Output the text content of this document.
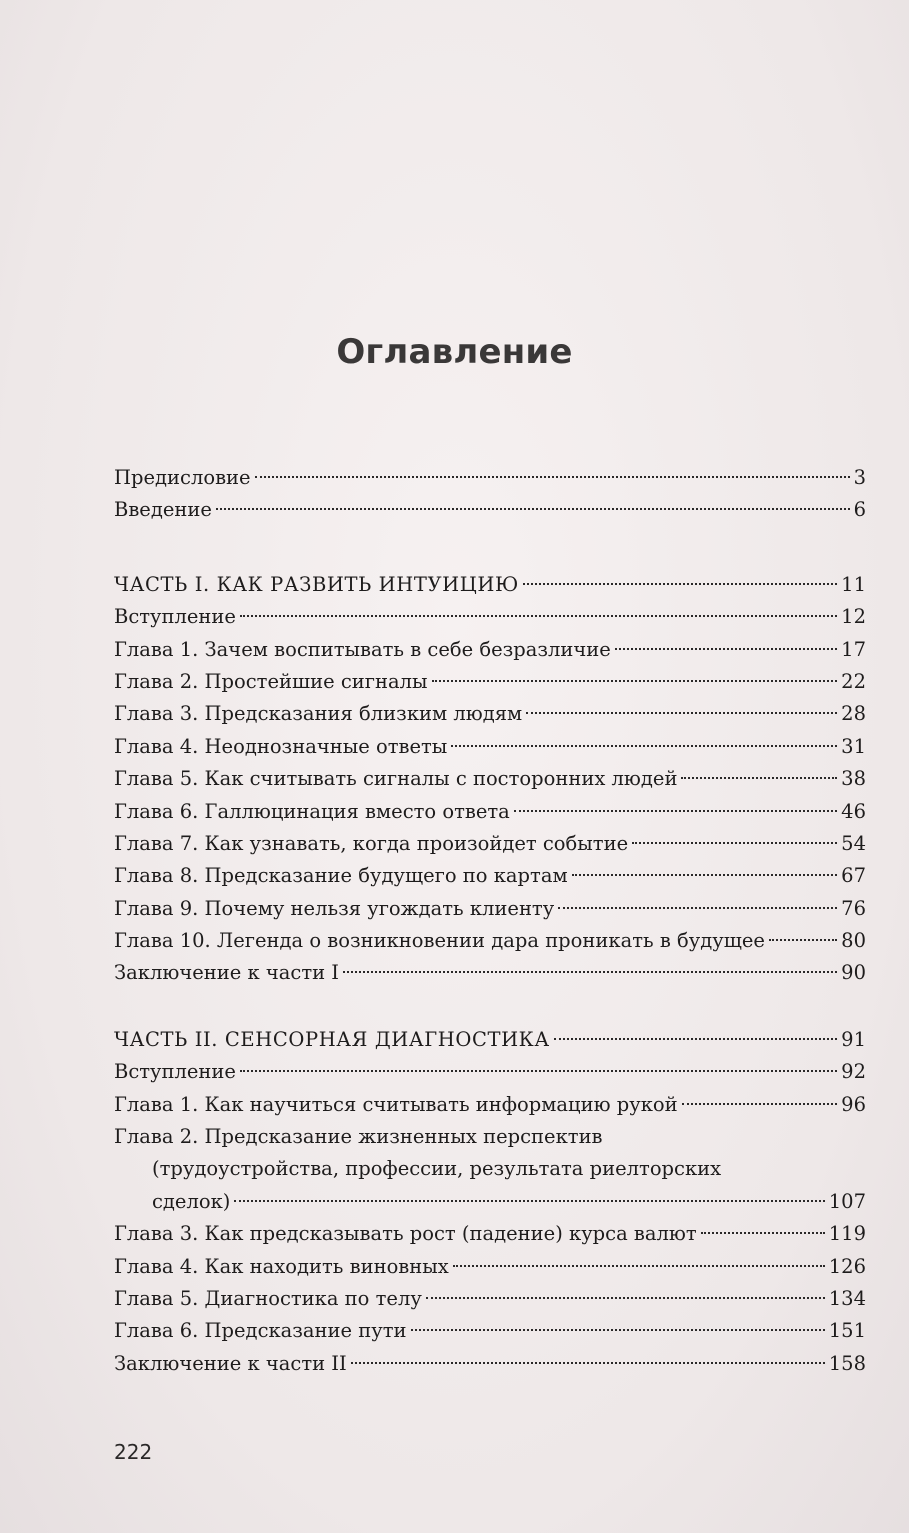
Оглавление
Предисловие	3
Введение	6
ЧАСТЬ I. КАК РАЗВИТЬ ИНТУИЦИЮ	11
Вступление	12
Глава 1. Зачем воспитывать в себе безразличие	17
Глава 2. Простейшие сигналы	22
Глава 3. Предсказания близким людям	28
Глава 4. Неоднозначные ответы	31
Глава 5. Как считывать сигналы с посторонних людей	38
Глава 6. Галлюцинация вместо ответа	46
Глава 7. Как узнавать, когда произойдет событие	54
Глава 8. Предсказание будущего по картам	67
Глава 9. Почему нельзя угождать клиенту	76
Глава 10. Легенда о возникновении дара проникать в будущее	80
Заключение к части I	90
ЧАСТЬ II. СЕНСОРНАЯ ДИАГНОСТИКА	91
Вступление	92
Глава 1. Как научиться считывать информацию рукой	96
Глава 2. Предсказание жизненных перспектив
(трудоустройства, профессии, результата риелторских
сделок)	107
Глава 3. Как предсказывать рост (падение) курса валют	119
Глава 4. Как находить виновных	126
Глава 5. Диагностика по телу	134
Глава 6. Предсказание пути	151
Заключение к части II	158
222
